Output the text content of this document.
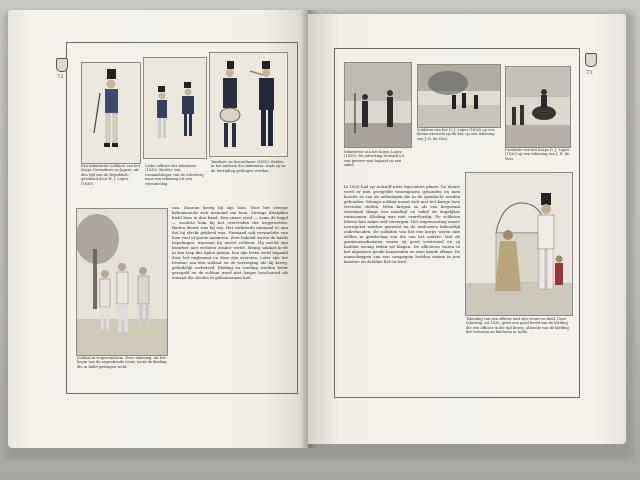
72
Een infanterist (soldaat) van het Korps Grenadiers en Jagers, uit den tijd van de Republiek, getekend door H. J. Lopez (1810).
Links: officier der infanterie (1830). Rechts: een trommelslager van de schutterij, naar een tekening uit een verzameling.
Tamboer en hoornblazer (1815). Beiden in het uniform der infanterie, zoals zij na de bevrijding gedragen werden.
Soldaat in tropenuniform. Deze tekening, uit het begin van de negentiende eeuw, toont de kleding die in Indië gedragen werd.
van. Daarom kreeg hij zijn loon. Voor het overige bekommerde zich niemand om hem. Strenge discipline hield hem in den band. Een zware straf — soms de kogel — wachtte hem bij het overtreden der krijgswetten. Buiten dienst was hij vrij. Het verkeerde niemand er aan dat hij slecht gekleed was. Niemand ook verwachtte van hem veel of goede manieren. Zeer bekend waren de harde bepalingen, waaraan hij moest voldoen. Hij mocht zijn kwartier niet verlaten zonder verlof. Menig soldaat heeft in den loop der tijden gezien, hoe zijn leven werd bepaald door het reglement en door zijn oversten. Later zijn het bestuur van den soldaat en de verzorging die hij kreeg, geleidelijk verbeterd. Kleding en voeding werden beter geregeld en de soldaat werd niet langer beschouwd als iemand die slechts te gehoorzamen had.
73
Infanterist van het Korps Lopez (1830). De uitrusting bestond uit een geweer met bajonet en een sabel.
Soldaten van het D. J. Lopez (1830) op een kleine exercitie op de hei, op een tekening van J. D. de Voss.
Cavalerie van het Korps D. J. Lopez (1830) op een tekening van J. D. de Voss.
In 1830 had op zichzelf niets bijzonders plaats. De dienst werd er met geregelde tussenpozen gehouden en men hoorde er van de oefeningen die in de openlucht werden gehouden. Menige soldaat moest zich met het karige loon tevreden stellen. Velen kregen zo als een korporaal tweemaal daags een maaltijd en enkel de dagelijkse rantsoenen. Kleding was niet overvloedig. De soldaten bleven hun zaken zelf verzorgen. Het wapenrusting moest nauwgezet worden gepoetst en de uniformen behoorlijk onderhouden. De soldaten van het ene korps waren niet zelden in gezelschap van die van het andere. Met de garnizoensdiensten waren zij goed vertrouwd en zij hadden weinig reden tot klagen. De officieren waren in het algemeen goede kameraden en men kende elkaar. De manschappen van een compagnie leefden samen in een kazerne en deelden lief en leed.
Tekening van een officier met zijn vrouw en kind. Deze tekening, uit 1830, geeft een goed beeld van de kleding die een officier in die tijd droeg, alsmede van de kleding der vrouwen en kinderen in Indië.
